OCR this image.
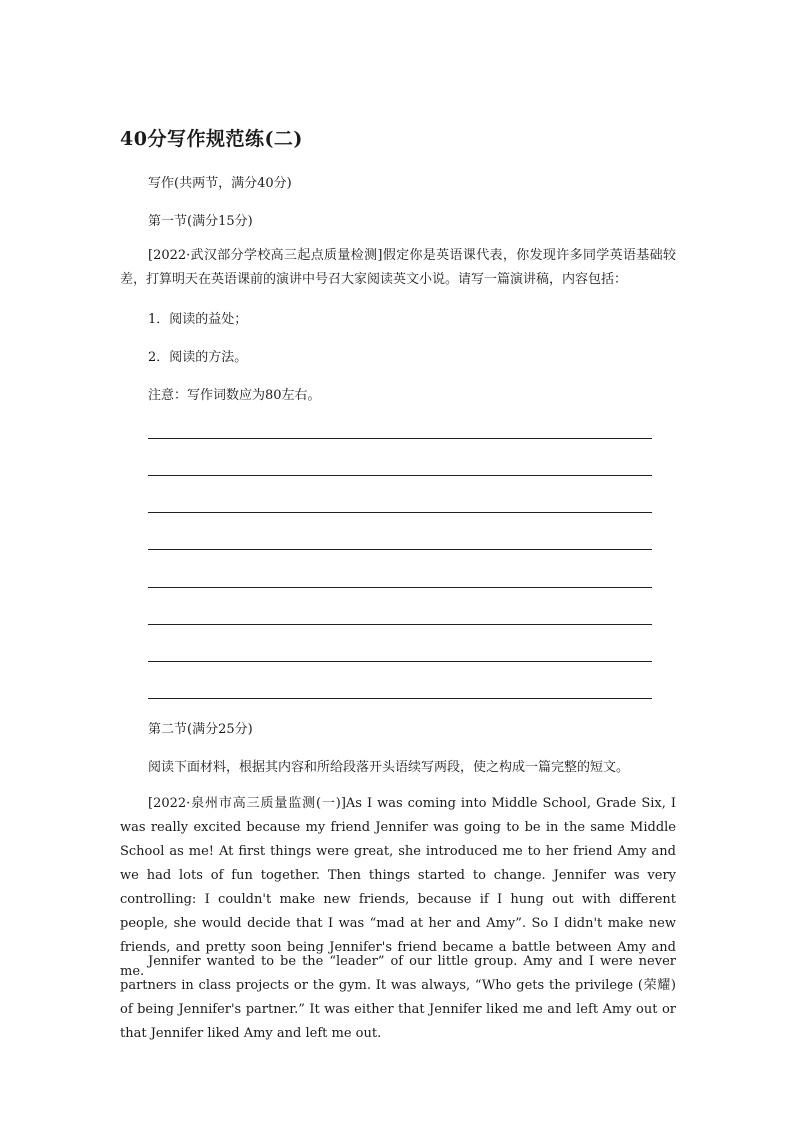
40分写作规范练(二)
写作(共两节，满分40分)
第一节(满分15分)
[2022·武汉部分学校高三起点质量检测]假定你是英语课代表，你发现许多同学英语基础较差，打算明天在英语课前的演讲中号召大家阅读英文小说。请写一篇演讲稿，内容包括：
1．阅读的益处；
2．阅读的方法。
注意：写作词数应为80左右。
第二节(满分25分)
阅读下面材料，根据其内容和所给段落开头语续写两段，使之构成一篇完整的短文。
[2022·泉州市高三质量监测(一)]As I was coming into Middle School, Grade Six, I was really excited because my friend Jennifer was going to be in the same Middle School as me! At first things were great, she introduced me to her friend Amy and we had lots of fun together. Then things started to change. Jennifer was very controlling: I couldn't make new friends, because if I hung out with different people, she would decide that I was “mad at her and Amy”. So I didn't make new friends, and pretty soon being Jennifer's friend became a battle between Amy and me.
Jennifer wanted to be the “leader” of our little group. Amy and I were never partners in class projects or the gym. It was always, “Who gets the privilege (荣耀) of being Jennifer's partner.” It was either that Jennifer liked me and left Amy out or that Jennifer liked Amy and left me out.
